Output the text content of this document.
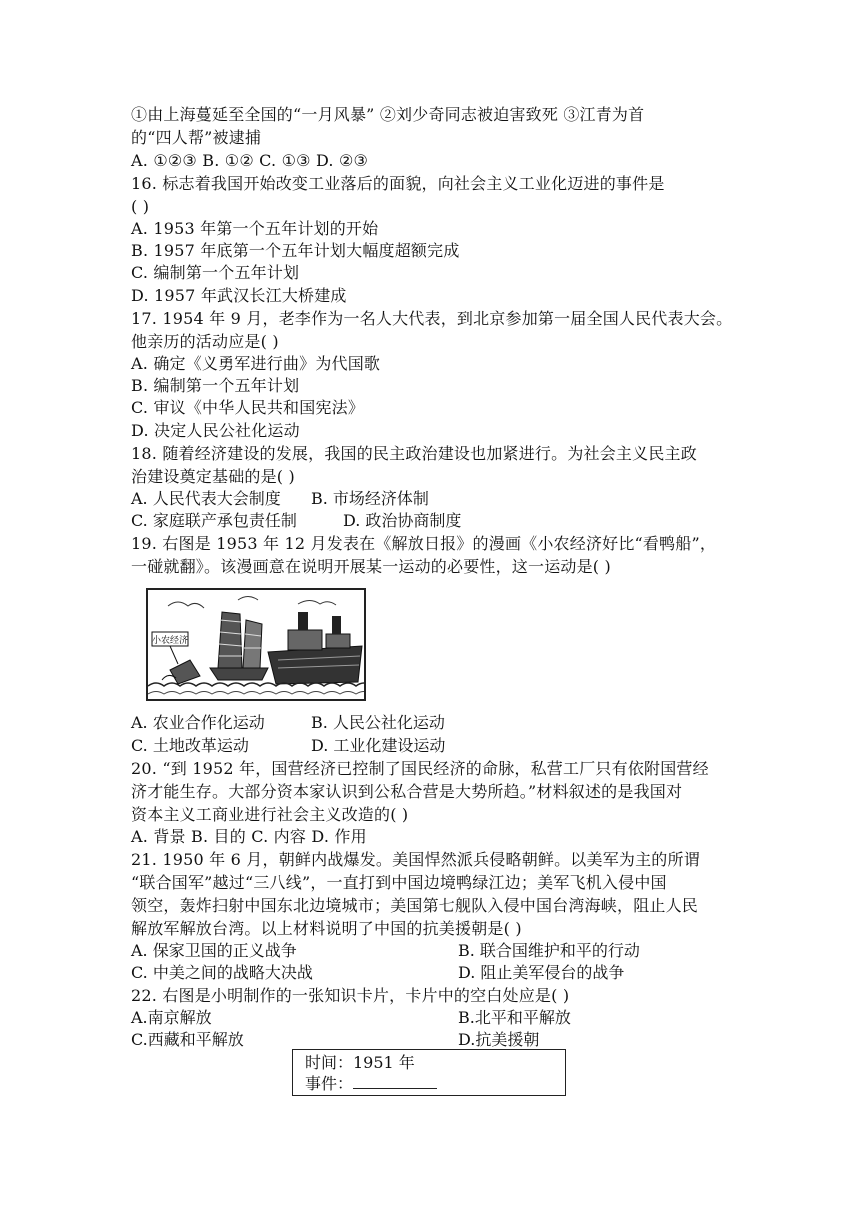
①由上海蔓延至全国的“一月风暴” ②刘少奇同志被迫害致死 ③江青为首
的“四人帮”被逮捕
A. ①②③ B. ①② C. ①③ D. ②③
16. 标志着我国开始改变工业落后的面貌，向社会主义工业化迈进的事件是
( )
A. 1953 年第一个五年计划的开始
B. 1957 年底第一个五年计划大幅度超额完成
C. 编制第一个五年计划
D. 1957 年武汉长江大桥建成
17. 1954 年 9 月，老李作为一名人大代表，到北京参加第一届全国人民代表大会。
他亲历的活动应是( )
A. 确定《义勇军进行曲》为代国歌
B. 编制第一个五年计划
C. 审议《中华人民共和国宪法》
D. 决定人民公社化运动
18. 随着经济建设的发展，我国的民主政治建设也加紧进行。为社会主义民主政
治建设奠定基础的是( )
A. 人民代表大会制度 B. 市场经济体制
C. 家庭联产承包责任制	D. 政治协商制度
19. 右图是 1953 年 12 月发表在《解放日报》的漫画《小农经济好比“看鸭船”，
一碰就翻》。该漫画意在说明开展某一运动的必要性，这一运动是( )
小农经济
A. 农业合作化运动	B. 人民公社化运动
C. 土地改革运动	D. 工业化建设运动
20. “到 1952 年，国营经济已控制了国民经济的命脉，私营工厂只有依附国营经
济才能生存。大部分资本家认识到公私合营是大势所趋。”材料叙述的是我国对
资本主义工商业进行社会主义改造的( )
A. 背景 B. 目的 C. 内容 D. 作用
21. 1950 年 6 月，朝鲜内战爆发。美国悍然派兵侵略朝鲜。以美军为主的所谓
“联合国军”越过“三八线”，一直打到中国边境鸭绿江边；美军飞机入侵中国
领空，轰炸扫射中国东北边境城市；美国第七舰队入侵中国台湾海峡，阻止人民
解放军解放台湾。以上材料说明了中国的抗美援朝是( )
A. 保家卫国的正义战争	B. 联合国维护和平的行动
C. 中美之间的战略大决战	D. 阻止美军侵台的战争
22. 右图是小明制作的一张知识卡片，卡片中的空白处应是( )
A.南京解放	B.北平和平解放
C.西藏和平解放	D.抗美援朝
时间：1951 年
事件：
